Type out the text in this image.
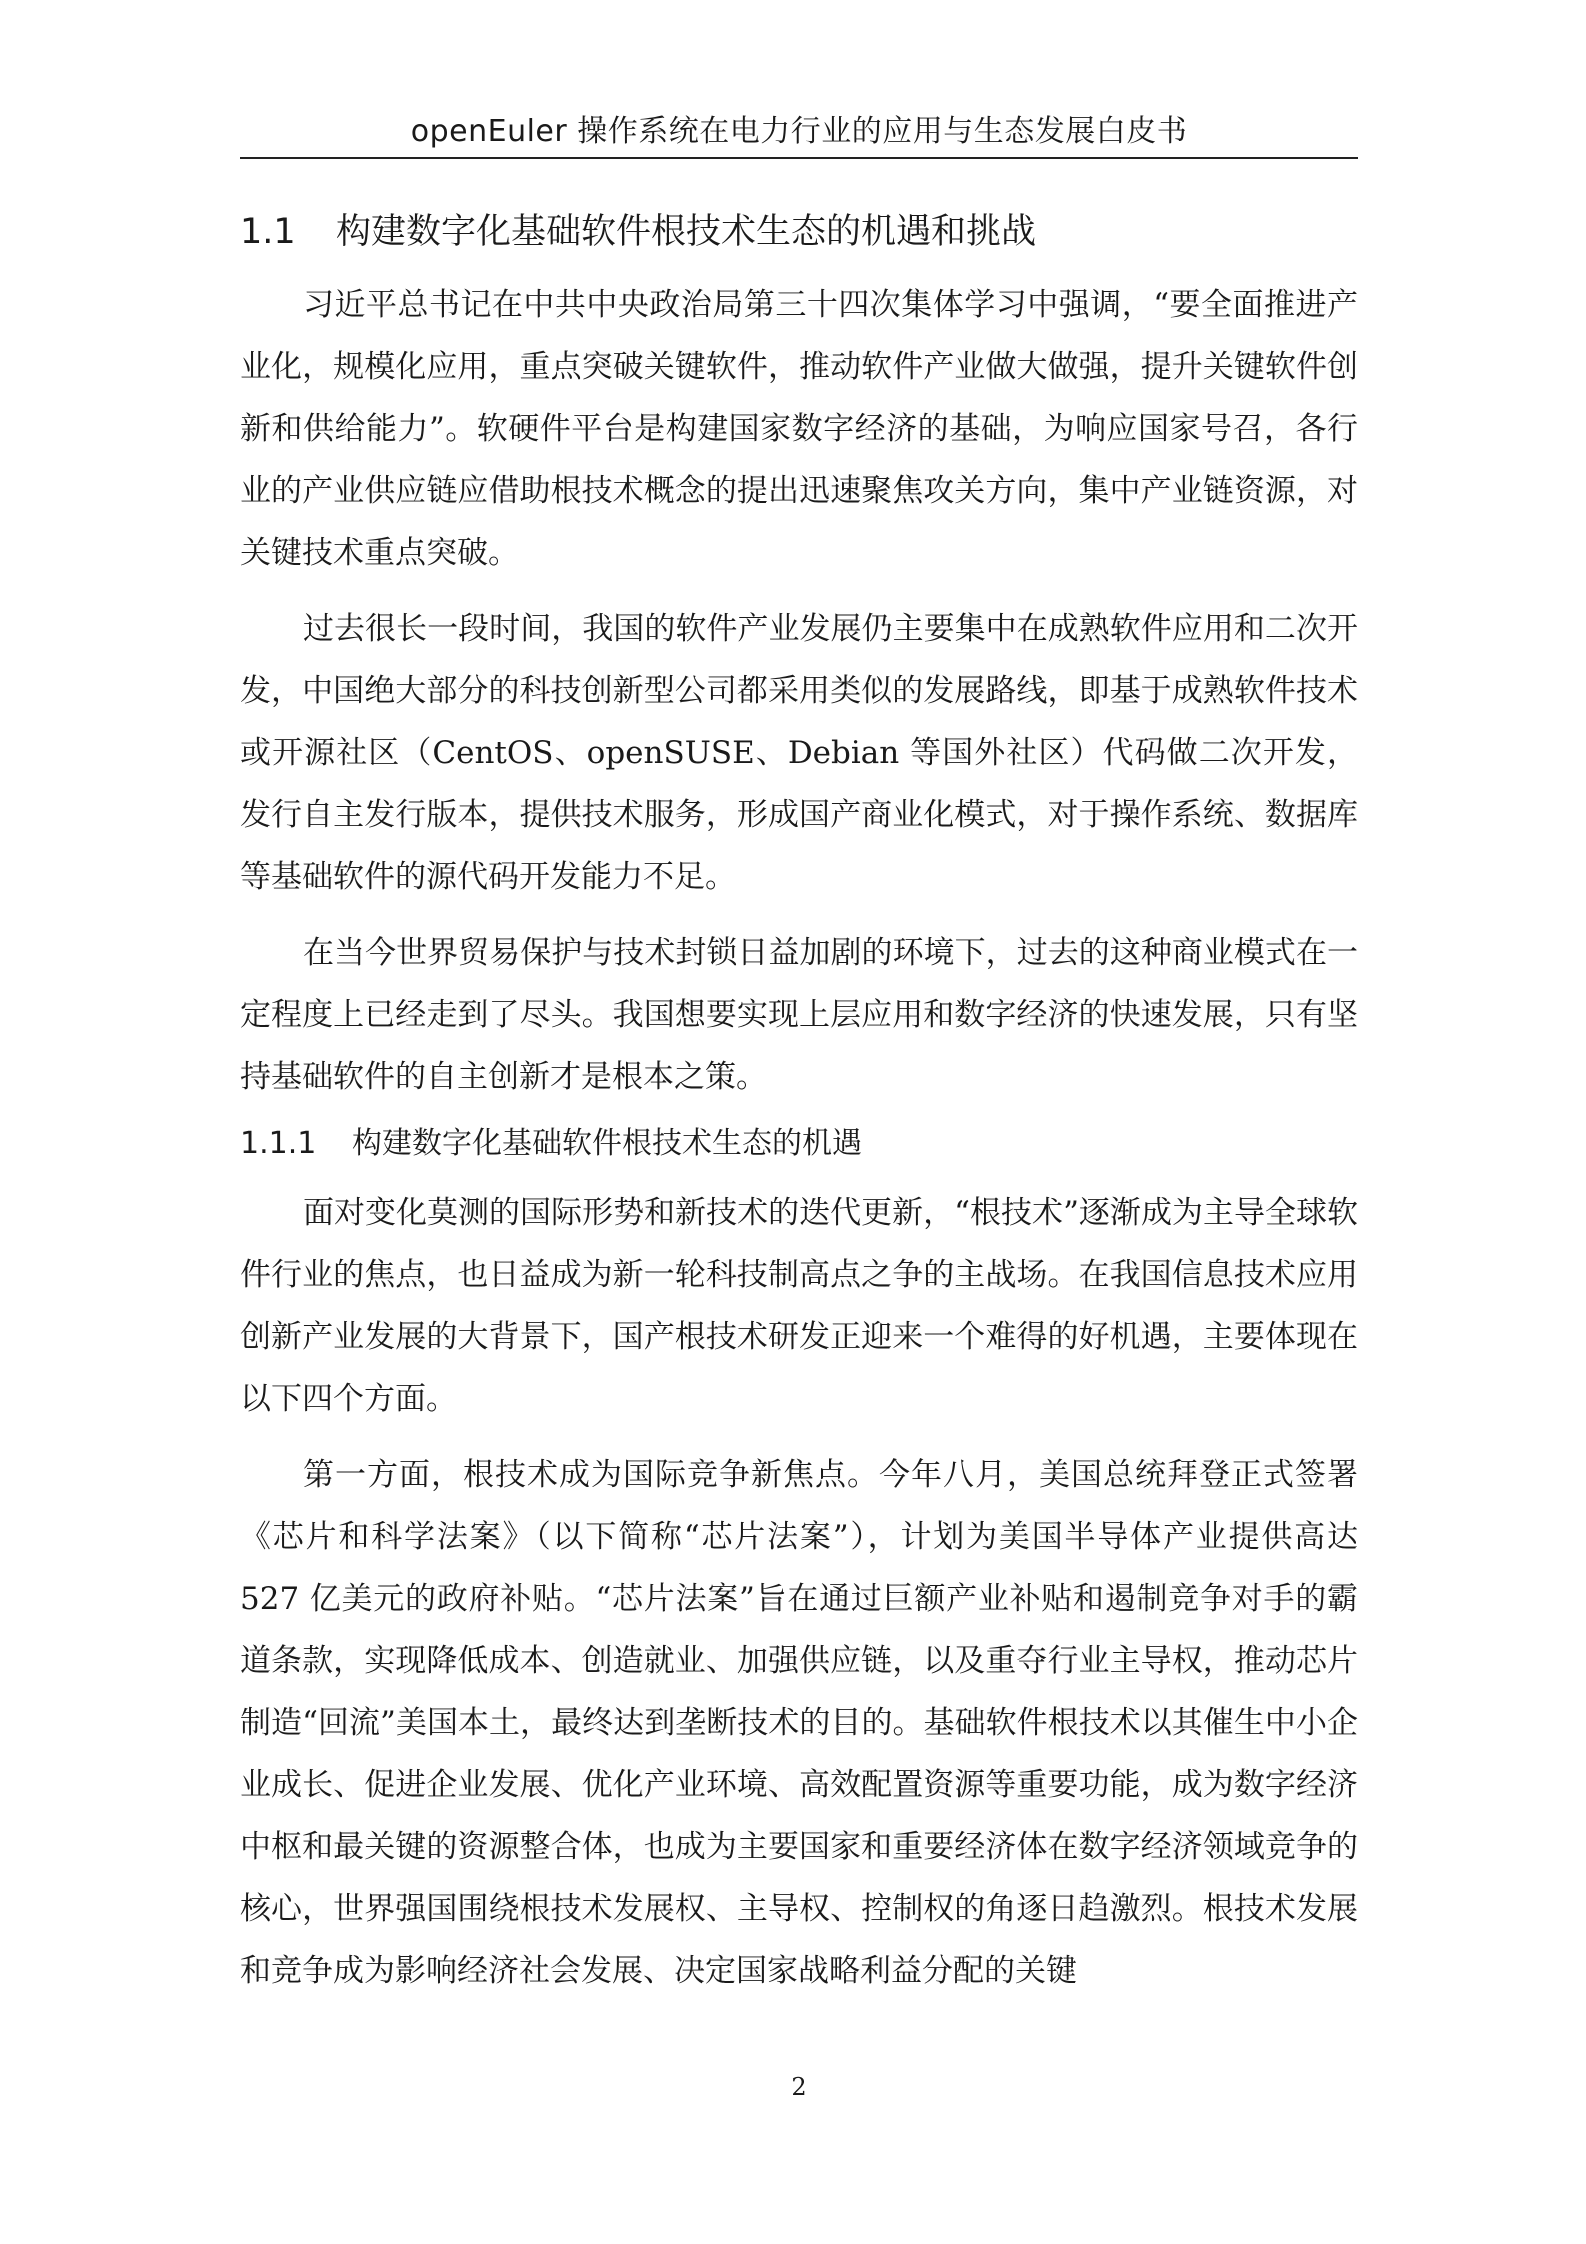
openEuler 操作系统在电力行业的应用与生态发展白皮书
1.1 构建数字化基础软件根技术生态的机遇和挑战

习近平总书记在中共中央政治局第三十四次集体学习中强调，“要全面推进产业化，规模化应用，重点突破关键软件，推动软件产业做大做强，提升关键软件创新和供给能力”。软硬件平台是构建国家数字经济的基础，为响应国家号召，各行业的产业供应链应借助根技术概念的提出迅速聚焦攻关方向，集中产业链资源，对关键技术重点突破。

过去很长一段时间，我国的软件产业发展仍主要集中在成熟软件应用和二次开发，中国绝大部分的科技创新型公司都采用类似的发展路线，即基于成熟软件技术或开源社区（CentOS、openSUSE、Debian 等国外社区）代码做二次开发，发行自主发行版本，提供技术服务，形成国产商业化模式，对于操作系统、数据库等基础软件的源代码开发能力不足。

在当今世界贸易保护与技术封锁日益加剧的环境下，过去的这种商业模式在一定程度上已经走到了尽头。我国想要实现上层应用和数字经济的快速发展，只有坚持基础软件的自主创新才是根本之策。

1.1.1 构建数字化基础软件根技术生态的机遇

面对变化莫测的国际形势和新技术的迭代更新，“根技术”逐渐成为主导全球软件行业的焦点，也日益成为新一轮科技制高点之争的主战场。在我国信息技术应用创新产业发展的大背景下，国产根技术研发正迎来一个难得的好机遇，主要体现在以下四个方面。

第一方面，根技术成为国际竞争新焦点。今年八月，美国总统拜登正式签署《芯片和科学法案》（以下简称“芯片法案”），计划为美国半导体产业提供高达 527 亿美元的政府补贴。“芯片法案”旨在通过巨额产业补贴和遏制竞争对手的霸道条款，实现降低成本、创造就业、加强供应链，以及重夺行业主导权，推动芯片制造“回流”美国本土，最终达到垄断技术的目的。基础软件根技术以其催生中小企业成长、促进企业发展、优化产业环境、高效配置资源等重要功能，成为数字经济中枢和最关键的资源整合体，也成为主要国家和重要经济体在数字经济领域竞争的核心，世界强国围绕根技术发展权、主导权、控制权的角逐日趋激烈。根技术发展和竞争成为影响经济社会发展、决定国家战略利益分配的关键

2
